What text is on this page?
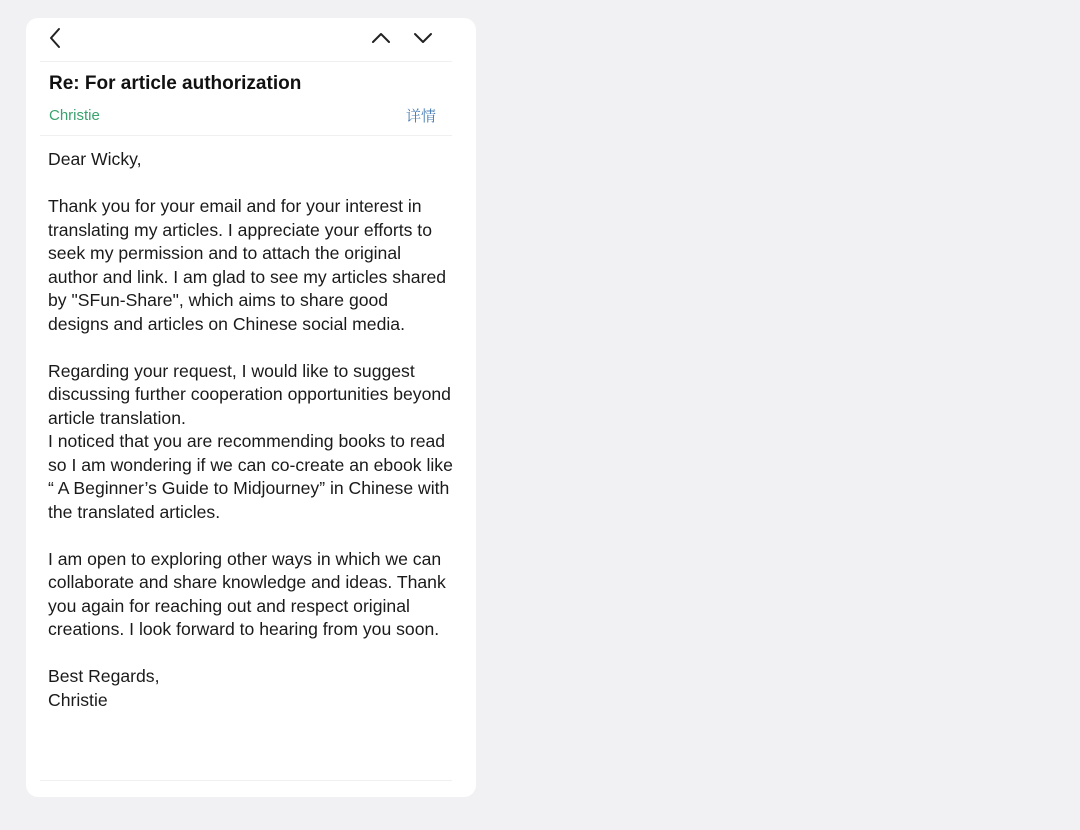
Re: For article authorization
Christie	详情

Dear Wicky,

Thank you for your email and for your interest in translating my articles. I appreciate your efforts to seek my permission and to attach the original author and link. I am glad to see my articles shared by "SFun-Share", which aims to share good designs and articles on Chinese social media.

Regarding your request, I would like to suggest discussing further cooperation opportunities beyond article translation.

I noticed that you are recommending books to read so I am wondering if we can co-create an ebook like “ A Beginner’s Guide to Midjourney” in Chinese with the translated articles.

I am open to exploring other ways in which we can collaborate and share knowledge and ideas. Thank you again for reaching out and respect original creations. I look forward to hearing from you soon.

Best Regards,

Christie
